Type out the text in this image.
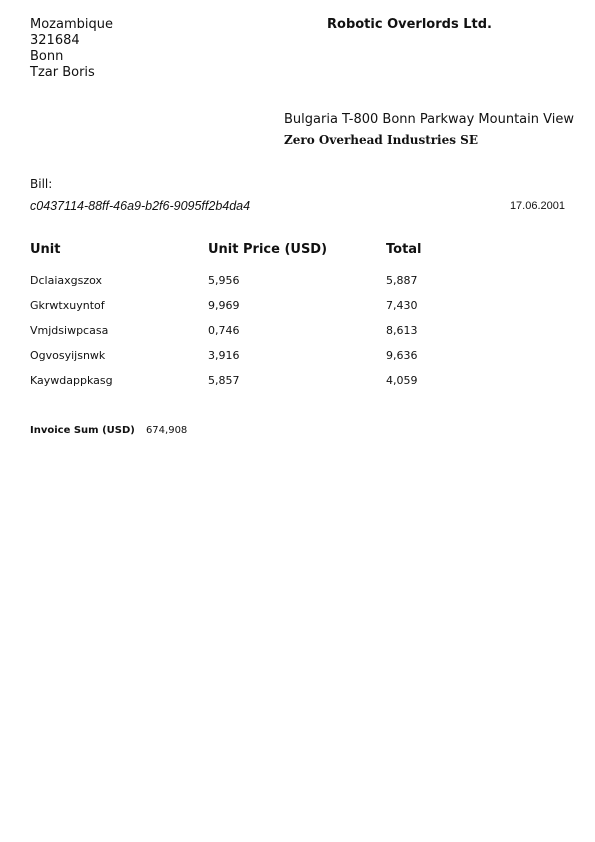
Mozambique
321684
Bonn
Tzar Boris
Robotic Overlords Ltd.
Bulgaria T-800 Bonn Parkway Mountain View
Zero Overhead Industries SE
Bill:
c0437114-88ff-46a9-b2f6-9095ff2b4da4	17.06.2001
Unit	Unit Price (USD)	Total
Dclaiaxgszox	5,956	5,887
Gkrwtxuyntof	9,969	7,430
Vmjdsiwpcasa	0,746	8,613
Ogvosyijsnwk	3,916	9,636
Kaywdappkasg	5,857	4,059
Invoice Sum (USD) 674,908
